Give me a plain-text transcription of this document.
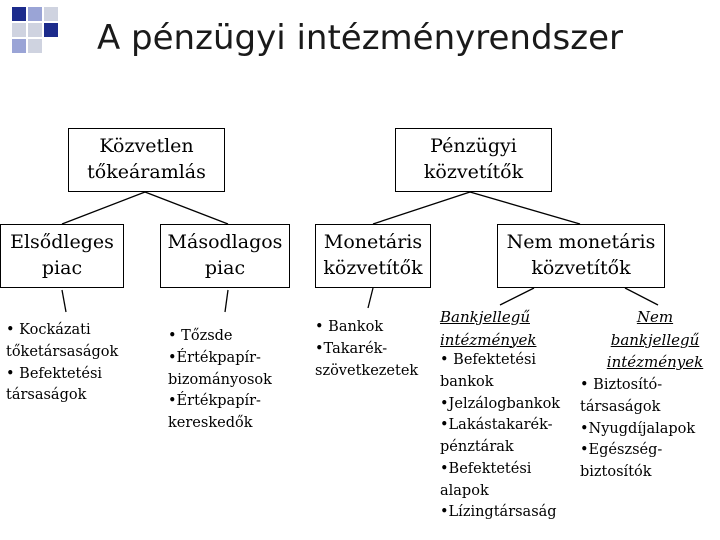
A pénzügyi intézményrendszer
Közvetlen
tőkeáramlás
Pénzügyi
közvetítők
Elsődleges
piac
Másodlagos
piac
Monetáris
közvetítők
Nem monetáris
közvetítők
• Kockázati
tőketársaságok
• Befektetési
társaságok
• Tőzsde
•Értékpapír-
bizományosok
•Értékpapír-
kereskedők
• Bankok
•Takarék-
szövetkezetek
Bankjellegű
intézmények
• Befektetési
bankok
•Jelzálogbankok
•Lakástakarék-
pénztárak
•Befektetési
alapok
•Lízingtársaság
Nem
bankjellegű
intézmények
• Biztosító-
társaságok
•Nyugdíjalapok
•Egészség-
biztosítók
